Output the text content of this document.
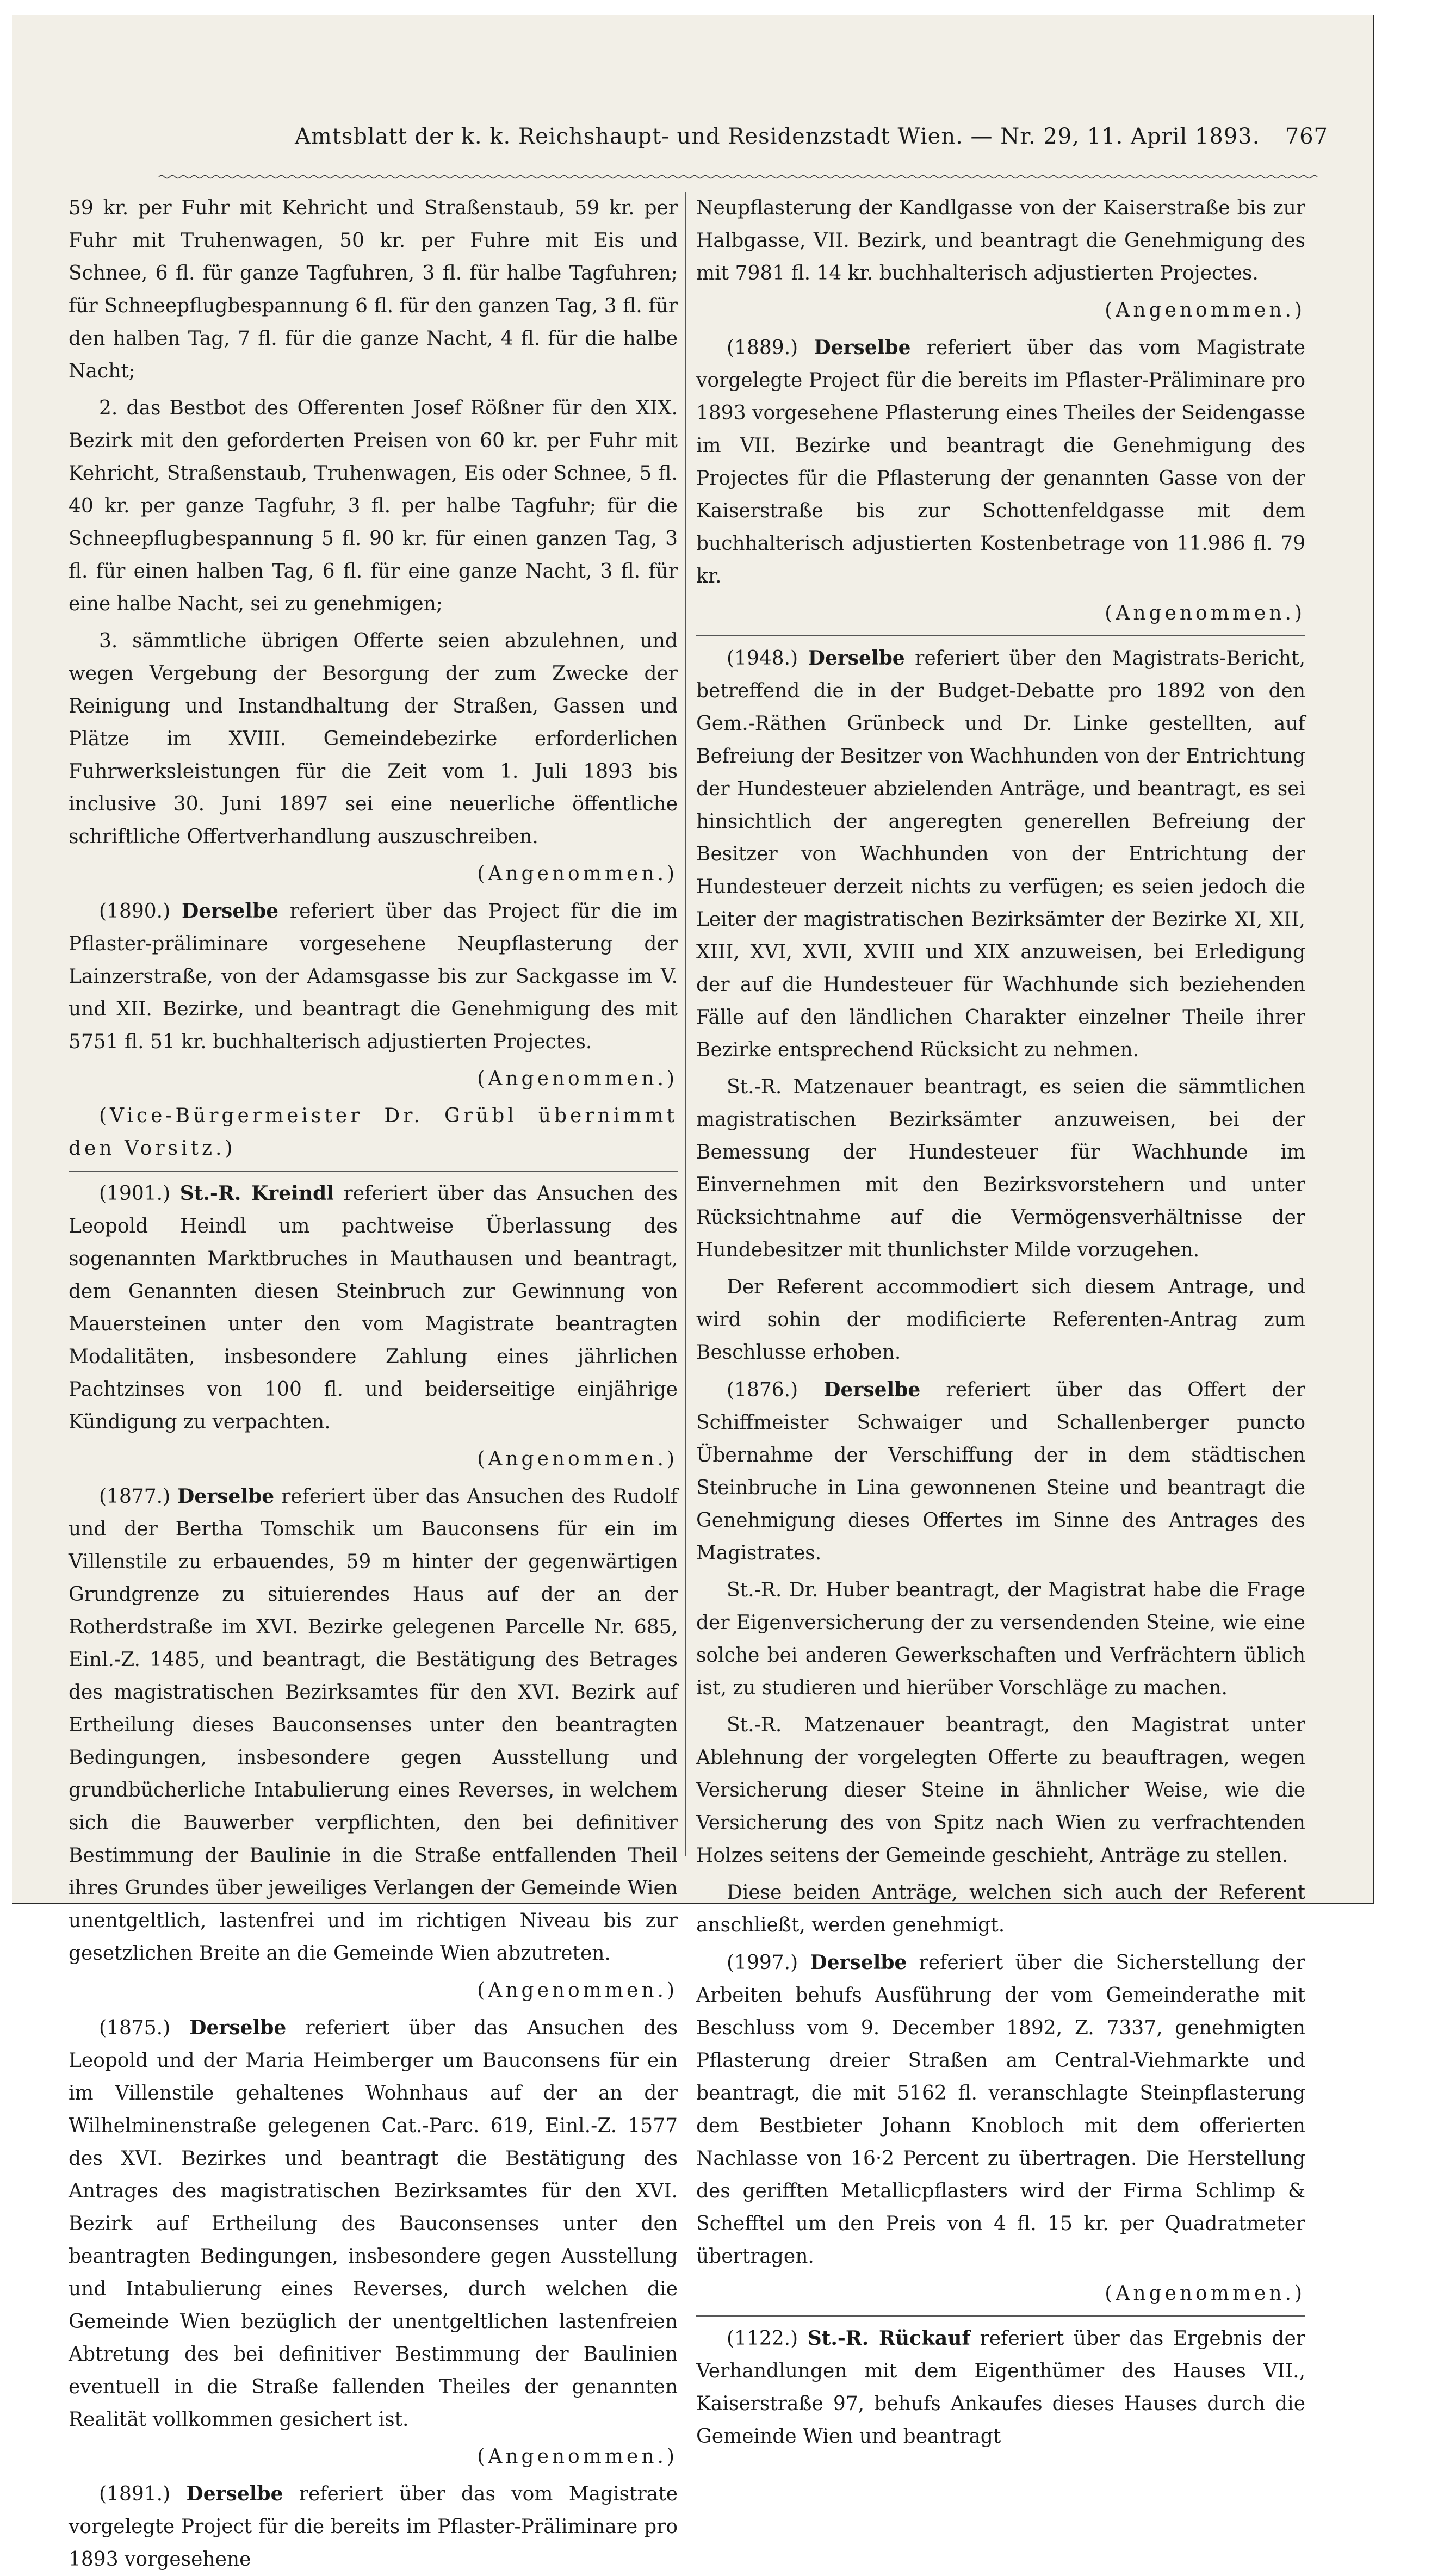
Amtsblatt der k. k. Reichshaupt- und Residenzstadt Wien. — Nr. 29, 11. April 1893. 767

59 kr. per Fuhr mit Kehricht und Straßenstaub, 59 kr. per Fuhr mit Truhenwagen, 50 kr. per Fuhre mit Eis und Schnee, 6 fl. für ganze Tagfuhren, 3 fl. für halbe Tagfuhren; für Schneepflugbespannung 6 fl. für den ganzen Tag, 3 fl. für den halben Tag, 7 fl. für die ganze Nacht, 4 fl. für die halbe Nacht;

2. das Bestbot des Offerenten Josef Rößner für den XIX. Bezirk mit den geforderten Preisen von 60 kr. per Fuhr mit Kehricht, Straßenstaub, Truhenwagen, Eis oder Schnee, 5 fl. 40 kr. per ganze Tagfuhr, 3 fl. per halbe Tagfuhr; für die Schneepflugbespannung 5 fl. 90 kr. für einen ganzen Tag, 3 fl. für einen halben Tag, 6 fl. für eine ganze Nacht, 3 fl. für eine halbe Nacht, sei zu genehmigen;

3. sämmtliche übrigen Offerte seien abzulehnen, und wegen Vergebung der Besorgung der zum Zwecke der Reinigung und Instandhaltung der Straßen, Gassen und Plätze im XVIII. Gemeindebezirke erforderlichen Fuhrwerksleistungen für die Zeit vom 1. Juli 1893 bis inclusive 30. Juni 1897 sei eine neuerliche öffentliche schriftliche Offertverhandlung auszuschreiben.

(Angenommen.)

(1890.) Derselbe referiert über das Project für die im Pflaster-präliminare vorgesehene Neupflasterung der Lainzerstraße, von der Adamsgasse bis zur Sackgasse im V. und XII. Bezirke, und beantragt die Genehmigung des mit 5751 fl. 51 kr. buchhalterisch adjustierten Projectes.

(Angenommen.)

(Vice-Bürgermeister Dr. Grübl übernimmt den Vorsitz.)

(1901.) St.-R. Kreindl referiert über das Ansuchen des Leopold Heindl um pachtweise Überlassung des sogenannten Marktbruches in Mauthausen und beantragt, dem Genannten diesen Steinbruch zur Gewinnung von Mauersteinen unter den vom Magistrate beantragten Modalitäten, insbesondere Zahlung eines jährlichen Pachtzinses von 100 fl. und beiderseitige einjährige Kündigung zu verpachten.

(Angenommen.)

(1877.) Derselbe referiert über das Ansuchen des Rudolf und der Bertha Tomschik um Bauconsens für ein im Villenstile zu erbauendes, 59 m hinter der gegenwärtigen Grundgrenze zu situierendes Haus auf der an der Rotherdstraße im XVI. Bezirke gelegenen Parcelle Nr. 685, Einl.-Z. 1485, und beantragt, die Bestätigung des Betrages des magistratischen Bezirksamtes für den XVI. Bezirk auf Ertheilung dieses Bauconsenses unter den beantragten Bedingungen, insbesondere gegen Ausstellung und grundbücherliche Intabulierung eines Reverses, in welchem sich die Bauwerber verpflichten, den bei definitiver Bestimmung der Baulinie in die Straße entfallenden Theil ihres Grundes über jeweiliges Verlangen der Gemeinde Wien unentgeltlich, lastenfrei und im richtigen Niveau bis zur gesetzlichen Breite an die Gemeinde Wien abzutreten.

(Angenommen.)

(1875.) Derselbe referiert über das Ansuchen des Leopold und der Maria Heimberger um Bauconsens für ein im Villenstile gehaltenes Wohnhaus auf der an der Wilhelminenstraße gelegenen Cat.-Parc. 619, Einl.-Z. 1577 des XVI. Bezirkes und beantragt die Bestätigung des Antrages des magistratischen Bezirksamtes für den XVI. Bezirk auf Ertheilung des Bauconsenses unter den beantragten Bedingungen, insbesondere gegen Ausstellung und Intabulierung eines Reverses, durch welchen die Gemeinde Wien bezüglich der unentgeltlichen lastenfreien Abtretung des bei definitiver Bestimmung der Baulinien eventuell in die Straße fallenden Theiles der genannten Realität vollkommen gesichert ist.

(Angenommen.)

(1891.) Derselbe referiert über das vom Magistrate vorgelegte Project für die bereits im Pflaster-Präliminare pro 1893 vorgesehene

Neupflasterung der Kandlgasse von der Kaiserstraße bis zur Halbgasse, VII. Bezirk, und beantragt die Genehmigung des mit 7981 fl. 14 kr. buchhalterisch adjustierten Projectes.

(Angenommen.)

(1889.) Derselbe referiert über das vom Magistrate vorgelegte Project für die bereits im Pflaster-Präliminare pro 1893 vorgesehene Pflasterung eines Theiles der Seidengasse im VII. Bezirke und beantragt die Genehmigung des Projectes für die Pflasterung der genannten Gasse von der Kaiserstraße bis zur Schottenfeldgasse mit dem buchhalterisch adjustierten Kostenbetrage von 11.986 fl. 79 kr.

(Angenommen.)

(1948.) Derselbe referiert über den Magistrats-Bericht, betreffend die in der Budget-Debatte pro 1892 von den Gem.-Räthen Grünbeck und Dr. Linke gestellten, auf Befreiung der Besitzer von Wachhunden von der Entrichtung der Hundesteuer abzielenden Anträge, und beantragt, es sei hinsichtlich der angeregten generellen Befreiung der Besitzer von Wachhunden von der Entrichtung der Hundesteuer derzeit nichts zu verfügen; es seien jedoch die Leiter der magistratischen Bezirksämter der Bezirke XI, XII, XIII, XVI, XVII, XVIII und XIX anzuweisen, bei Erledigung der auf die Hundesteuer für Wachhunde sich beziehenden Fälle auf den ländlichen Charakter einzelner Theile ihrer Bezirke entsprechend Rücksicht zu nehmen.

St.-R. Matzenauer beantragt, es seien die sämmtlichen magistratischen Bezirksämter anzuweisen, bei der Bemessung der Hundesteuer für Wachhunde im Einvernehmen mit den Bezirksvorstehern und unter Rücksichtnahme auf die Vermögensverhältnisse der Hundebesitzer mit thunlichster Milde vorzugehen.

Der Referent accommodiert sich diesem Antrage, und wird sohin der modificierte Referenten-Antrag zum Beschlusse erhoben.

(1876.) Derselbe referiert über das Offert der Schiffmeister Schwaiger und Schallenberger puncto Übernahme der Verschiffung der in dem städtischen Steinbruche in Lina gewonnenen Steine und beantragt die Genehmigung dieses Offertes im Sinne des Antrages des Magistrates.

St.-R. Dr. Huber beantragt, der Magistrat habe die Frage der Eigenversicherung der zu versendenden Steine, wie eine solche bei anderen Gewerkschaften und Verfrächtern üblich ist, zu studieren und hierüber Vorschläge zu machen.

St.-R. Matzenauer beantragt, den Magistrat unter Ablehnung der vorgelegten Offerte zu beauftragen, wegen Versicherung dieser Steine in ähnlicher Weise, wie die Versicherung des von Spitz nach Wien zu verfrachtenden Holzes seitens der Gemeinde geschieht, Anträge zu stellen.

Diese beiden Anträge, welchen sich auch der Referent anschließt, werden genehmigt.

(1997.) Derselbe referiert über die Sicherstellung der Arbeiten behufs Ausführung der vom Gemeinderathe mit Beschluss vom 9. December 1892, Z. 7337, genehmigten Pflasterung dreier Straßen am Central-Viehmarkte und beantragt, die mit 5162 fl. veranschlagte Steinpflasterung dem Bestbieter Johann Knobloch mit dem offerierten Nachlasse von 16·2 Percent zu übertragen. Die Herstellung des gerifften Metallicpflasters wird der Firma Schlimp & Schefftel um den Preis von 4 fl. 15 kr. per Quadratmeter übertragen.

(Angenommen.)

(1122.) St.-R. Rückauf referiert über das Ergebnis der Verhandlungen mit dem Eigenthümer des Hauses VII., Kaiserstraße 97, behufs Ankaufes dieses Hauses durch die Gemeinde Wien und beantragt
